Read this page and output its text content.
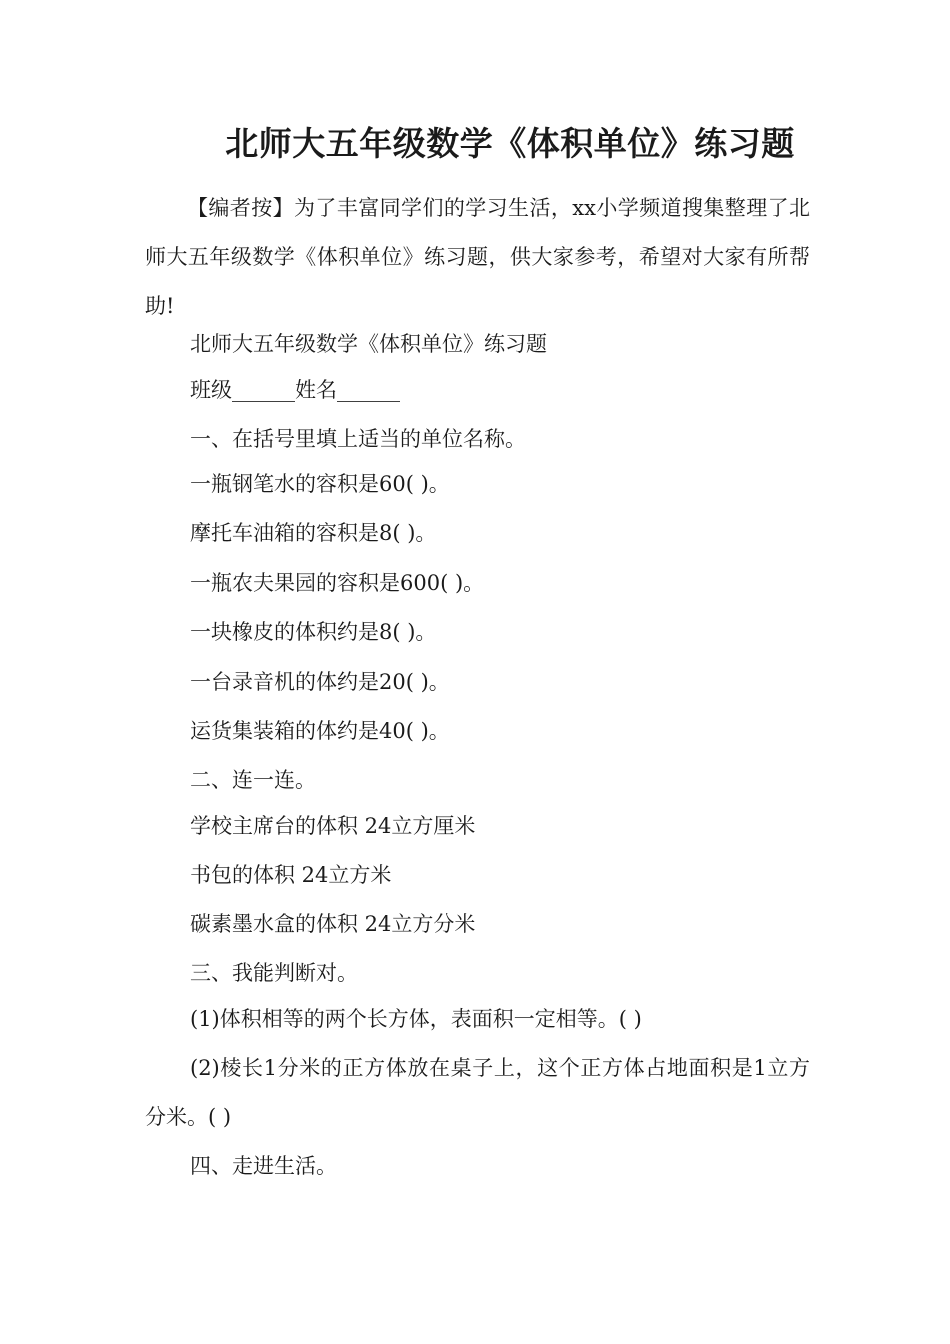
北师大五年级数学《体积单位》练习题

【编者按】为了丰富同学们的学习生活，xx小学频道搜集整理了北师大五年级数学《体积单位》练习题，供大家参考，希望对大家有所帮助!

北师大五年级数学《体积单位》练习题

班级______姓名______

一、在括号里填上适当的单位名称。

一瓶钢笔水的容积是60( )。

摩托车油箱的容积是8( )。

一瓶农夫果园的容积是600( )。

一块橡皮的体积约是8( )。

一台录音机的体约是20( )。

运货集装箱的体约是40( )。

二、连一连。

学校主席台的体积 24立方厘米

书包的体积 24立方米

碳素墨水盒的体积 24立方分米

三、我能判断对。

(1)体积相等的两个长方体，表面积一定相等。( )

(2)棱长1分米的正方体放在桌子上，这个正方体占地面积是1立方分米。( )

四、走进生活。
